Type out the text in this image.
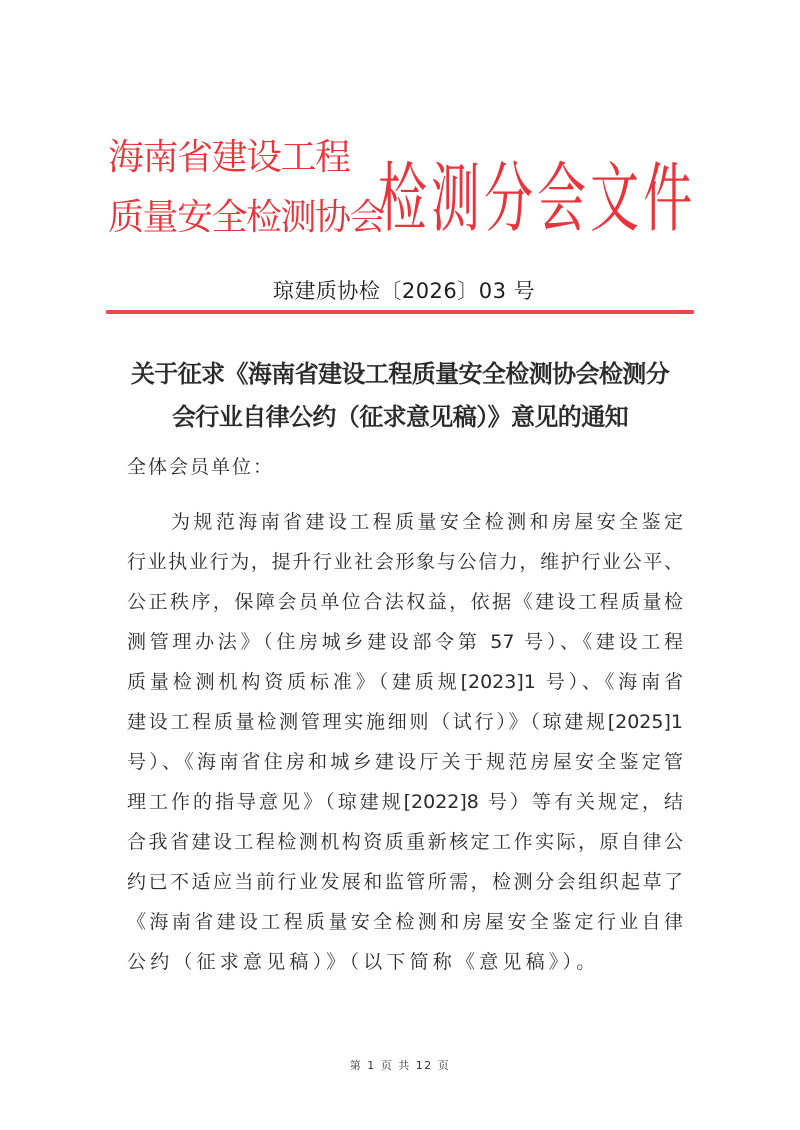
海南省建设工程
质量安全检测协会
检测分会文件
琼建质协检〔2026〕03 号
关于征求《海南省建设工程质量安全检测协会检测分
会行业自律公约（征求意见稿）》意见的通知
全体会员单位：
为规范海南省建设工程质量安全检测和房屋安全鉴定
行业执业行为，提升行业社会形象与公信力，维护行业公平、
公正秩序，保障会员单位合法权益，依据《建设工程质量检
测管理办法》（住房城乡建设部令第 57 号）、《建设工程
质量检测机构资质标准》（建质规[2023]1 号）、《海南省
建设工程质量检测管理实施细则（试行）》（琼建规[2025]1
号）、《海南省住房和城乡建设厅关于规范房屋安全鉴定管
理工作的指导意见》（琼建规[2022]8 号）等有关规定，结
合我省建设工程检测机构资质重新核定工作实际，原自律公
约已不适应当前行业发展和监管所需，检测分会组织起草了
《海南省建设工程质量安全检测和房屋安全鉴定行业自律
公约（征求意见稿）》（以下简称《意见稿》）。
第 1 页 共 12 页
